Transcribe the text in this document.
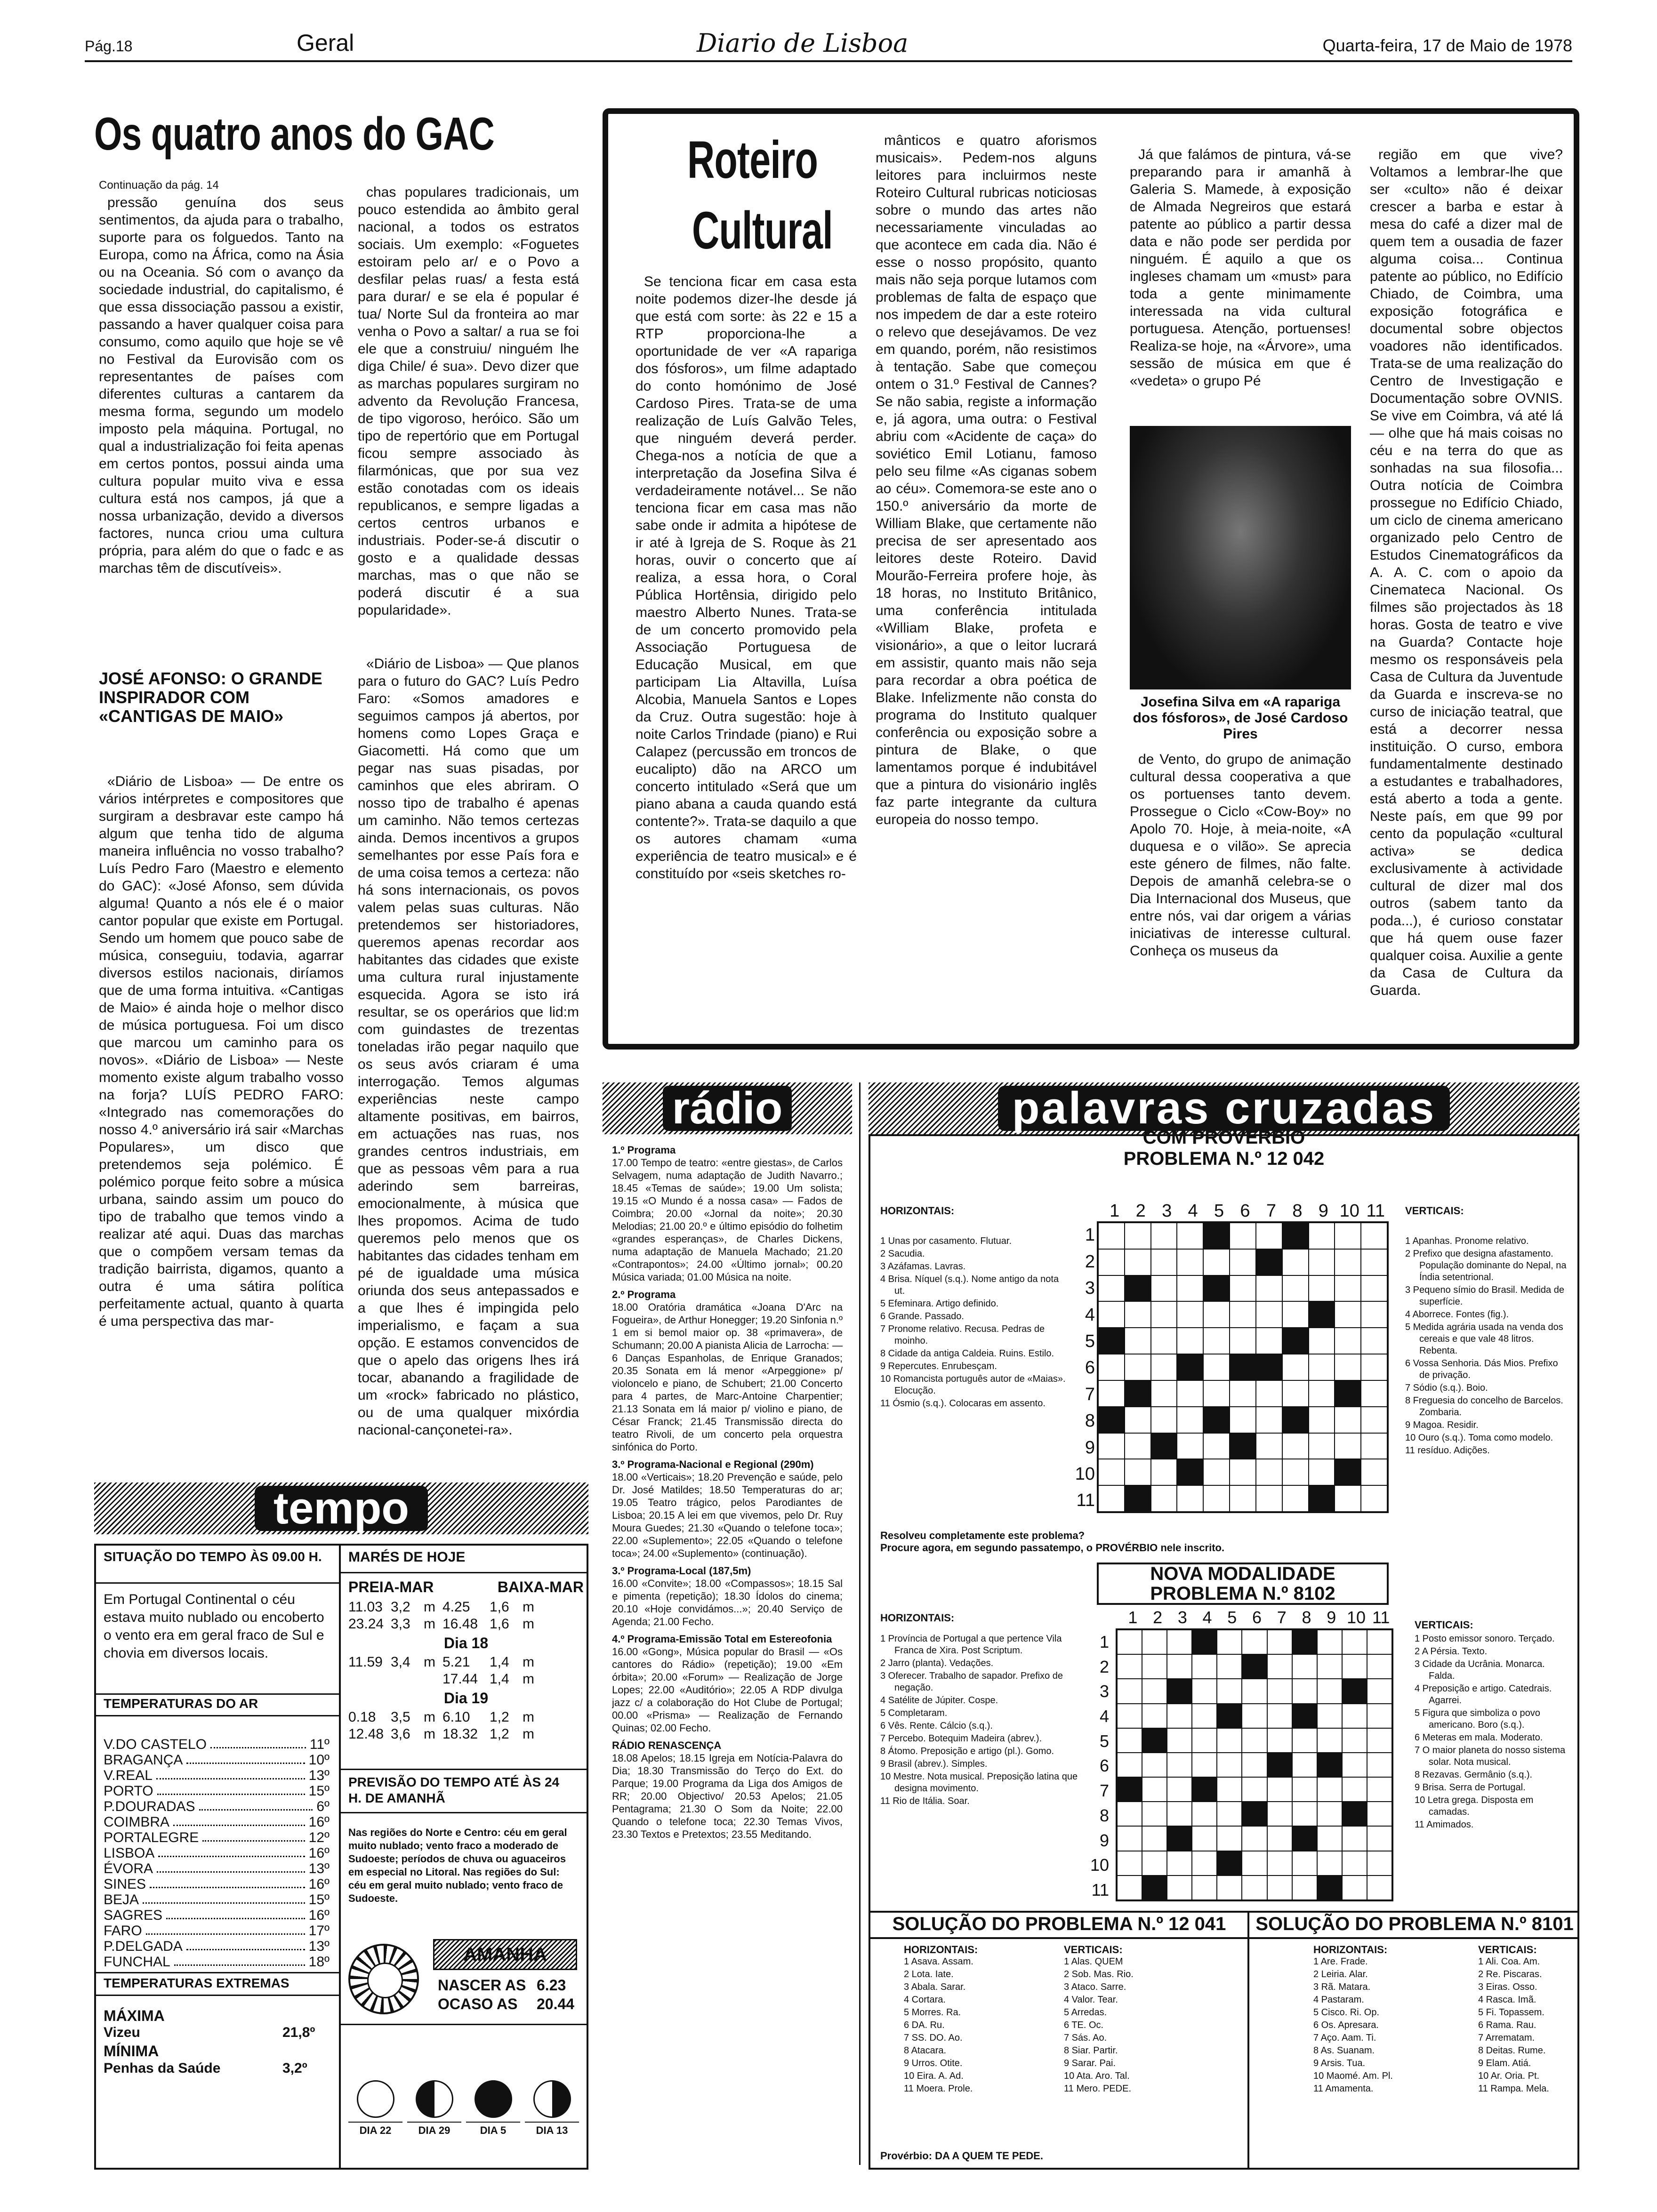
Pág.18	Geral	Diario de Lisboa	Quarta-feira, 17 de Maio de 1978
Os quatro anos do GAC
Continuação da pág. 14

pressão genuína dos seus sentimentos, da ajuda para o trabalho, suporte para os folguedos. Tanto na Europa, como na África, como na Ásia ou na Oceania. Só com o avanço da sociedade industrial, do capitalismo, é que essa dissociação passou a existir, passando a haver qualquer coisa para consumo, como aquilo que hoje se vê no Festival da Eurovisão com os representantes de países com diferentes culturas a cantarem da mesma forma, segundo um modelo imposto pela máquina. Portugal, no qual a industrialização foi feita apenas em certos pontos, possui ainda uma cultura popular muito viva e essa cultura está nos campos, já que a nossa urbanização, devido a diversos factores, nunca criou uma cultura própria, para além do que o fadc e as marchas têm de discutíveis».

JOSÉ AFONSO: O GRANDE INSPIRADOR COM «CANTIGAS DE MAIO»

«Diário de Lisboa» — De entre os vários intérpretes e compositores que surgiram a desbravar este campo há algum que tenha tido de alguma maneira influência no vosso trabalho? Luís Pedro Faro (Maestro e elemento do GAC): «José Afonso, sem dúvida alguma! Quanto a nós ele é o maior cantor popular que existe em Portugal. Sendo um homem que pouco sabe de música, conseguiu, todavia, agarrar diversos estilos nacionais, diríamos que de uma forma intuitiva. «Cantigas de Maio» é ainda hoje o melhor disco de música portuguesa. Foi um disco que marcou um caminho para os novos». «Diário de Lisboa» — Neste momento existe algum trabalho vosso na forja? LUÍS PEDRO FARO: «Integrado nas comemorações do nosso 4.º aniversário irá sair «Marchas Populares», um disco que pretendemos seja polémico. É polémico porque feito sobre a música urbana, saindo assim um pouco do tipo de trabalho que temos vindo a realizar até aqui. Duas das marchas que o compõem versam temas da tradição bairrista, digamos, quanto a outra é uma sátira política perfeitamente actual, quanto à quarta é uma perspectiva das mar-

chas populares tradicionais, um pouco estendida ao âmbito geral nacional, a todos os estratos sociais. Um exemplo: «Foguetes estoiram pelo ar/ e o Povo a desfilar pelas ruas/ a festa está para durar/ e se ela é popular é tua/ Norte Sul da fronteira ao mar venha o Povo a saltar/ a rua se foi ele que a construiu/ ninguém lhe diga Chile/ é sua». Devo dizer que as marchas populares surgiram no advento da Revolução Francesa, de tipo vigoroso, heróico. São um tipo de repertório que em Portugal ficou sempre associado às filarmónicas, que por sua vez estão conotadas com os ideais republicanos, e sempre ligadas a certos centros urbanos e industriais. Poder-se-á discutir o gosto e a qualidade dessas marchas, mas o que não se poderá discutir é a sua popularidade».

«Diário de Lisboa» — Que planos para o futuro do GAC? Luís Pedro Faro: «Somos amadores e seguimos campos já abertos, por homens como Lopes Graça e Giacometti. Há como que um pegar nas suas pisadas, por caminhos que eles abriram. O nosso tipo de trabalho é apenas um caminho. Não temos certezas ainda. Demos incentivos a grupos semelhantes por esse País fora e de uma coisa temos a certeza: não há sons internacionais, os povos valem pelas suas culturas. Não pretendemos ser historiadores, queremos apenas recordar aos habitantes das cidades que existe uma cultura rural injustamente esquecida. Agora se isto irá resultar, se os operários que lid:m com guindastes de trezentas toneladas irão pegar naquilo que os seus avós criaram é uma interrogação. Temos algumas experiências neste campo altamente positivas, em bairros, em actuações nas ruas, nos grandes centros industriais, em que as pessoas vêm para a rua aderindo sem barreiras, emocionalmente, à música que lhes propomos. Acima de tudo queremos pelo menos que os habitantes das cidades tenham em pé de igualdade uma música oriunda dos seus antepassados e a que lhes é impingida pelo imperialismo, e façam a sua opção. E estamos convencidos de que o apelo das origens lhes irá tocar, abanando a fragilidade de um «rock» fabricado no plástico, ou de uma qualquer mixórdia nacional-cançonetei-ra».

Roteiro
Cultural

Se tenciona ficar em casa esta noite podemos dizer-lhe desde já que está com sorte: às 22 e 15 a RTP proporciona-lhe a oportunidade de ver «A rapariga dos fósforos», um filme adaptado do conto homónimo de José Cardoso Pires. Trata-se de uma realização de Luís Galvão Teles, que ninguém deverá perder. Chega-nos a notícia de que a interpretação da Josefina Silva é verdadeiramente notável... Se não tenciona ficar em casa mas não sabe onde ir admita a hipótese de ir até à Igreja de S. Roque às 21 horas, ouvir o concerto que aí realiza, a essa hora, o Coral Pública Hortênsia, dirigido pelo maestro Alberto Nunes. Trata-se de um concerto promovido pela Associação Portuguesa de Educação Musical, em que participam Lia Altavilla, Luísa Alcobia, Manuela Santos e Lopes da Cruz. Outra sugestão: hoje à noite Carlos Trindade (piano) e Rui Calapez (percussão em troncos de eucalipto) dão na ARCO um concerto intitulado «Será que um piano abana a cauda quando está contente?». Trata-se daquilo a que os autores chamam «uma experiência de teatro musical» e é constituído por «seis sketches ro-

mânticos e quatro aforismos musicais». Pedem-nos alguns leitores para incluirmos neste Roteiro Cultural rubricas noticiosas sobre o mundo das artes não necessariamente vinculadas ao que acontece em cada dia. Não é esse o nosso propósito, quanto mais não seja porque lutamos com problemas de falta de espaço que nos impedem de dar a este roteiro o relevo que desejávamos. De vez em quando, porém, não resistimos à tentação. Sabe que começou ontem o 31.º Festival de Cannes? Se não sabia, registe a informação e, já agora, uma outra: o Festival abriu com «Acidente de caça» do soviético Emil Lotianu, famoso pelo seu filme «As ciganas sobem ao céu». Comemora-se este ano o 150.º aniversário da morte de William Blake, que certamente não precisa de ser apresentado aos leitores deste Roteiro. David Mourão-Ferreira profere hoje, às 18 horas, no Instituto Britânico, uma conferência intitulada «William Blake, profeta e visionário», a que o leitor lucrará em assistir, quanto mais não seja para recordar a obra poética de Blake. Infelizmente não consta do programa do Instituto qualquer conferência ou exposição sobre a pintura de Blake, o que lamentamos porque é indubitável que a pintura do visionário inglês faz parte integrante da cultura europeia do nosso tempo.

Já que falámos de pintura, vá-se preparando para ir amanhã à Galeria S. Mamede, à exposição de Almada Negreiros que estará patente ao público a partir dessa data e não pode ser perdida por ninguém. É aquilo a que os ingleses chamam um «must» para toda a gente minimamente interessada na vida cultural portuguesa. Atenção, portuenses! Realiza-se hoje, na «Árvore», uma sessão de música em que é «vedeta» o grupo Pé

Josefina Silva em «A rapariga dos fósforos», de José Cardoso Pires

de Vento, do grupo de animação cultural dessa cooperativa a que os portuenses tanto devem. Prossegue o Ciclo «Cow-Boy» no Apolo 70. Hoje, à meia-noite, «A duquesa e o vilão». Se aprecia este género de filmes, não falte. Depois de amanhã celebra-se o Dia Internacional dos Museus, que entre nós, vai dar origem a várias iniciativas de interesse cultural. Conheça os museus da

região em que vive? Voltamos a lembrar-lhe que ser «culto» não é deixar crescer a barba e estar à mesa do café a dizer mal de quem tem a ousadia de fazer alguma coisa... Continua patente ao público, no Edifício Chiado, de Coimbra, uma exposição fotográfica e documental sobre objectos voadores não identificados. Trata-se de uma realização do Centro de Investigação e Documentação sobre OVNIS. Se vive em Coimbra, vá até lá — olhe que há mais coisas no céu e na terra do que as sonhadas na sua filosofia... Outra notícia de Coimbra prossegue no Edifício Chiado, um ciclo de cinema americano organizado pelo Centro de Estudos Cinematográficos da A. A. C. com o apoio da Cinemateca Nacional. Os filmes são projectados às 18 horas. Gosta de teatro e vive na Guarda? Contacte hoje mesmo os responsáveis pela Casa de Cultura da Juventude da Guarda e inscreva-se no curso de iniciação teatral, que está a decorrer nessa instituição. O curso, embora fundamentalmente destinado a estudantes e trabalhadores, está aberto a toda a gente. Neste país, em que 99 por cento da população «cultural activa» se dedica exclusivamente à actividade cultural de dizer mal dos outros (sabem tanto da poda...), é curioso constatar que há quem ouse fazer qualquer coisa. Auxilie a gente da Casa de Cultura da Guarda.

rádio
1.º Programa
17.00 Tempo de teatro: «entre giestas», de Carlos Selvagem, numa adaptação de Judith Navarro.; 18.45 «Temas de saúde»; 19.00 Um solista; 19.15 «O Mundo é a nossa casa» — Fados de Coimbra; 20.00 «Jornal da noite»; 20.30 Melodias; 21.00 20.º e último episódio do folhetim «grandes esperanças», de Charles Dickens, numa adaptação de Manuela Machado; 21.20 «Contrapontos»; 24.00 «Último jornal»; 00.20 Música variada; 01.00 Música na noite.
2.º Programa
18.00 Oratória dramática «Joana D'Arc na Fogueira», de Arthur Honegger; 19.20 Sinfonia n.º 1 em si bemol maior op. 38 «primavera», de Schumann; 20.00 A pianista Alicia de Larrocha: — 6 Danças Espanholas, de Enrique Granados; 20.35 Sonata em lá menor «Arpeggione» p/ violoncelo e piano, de Schubert; 21.00 Concerto para 4 partes, de Marc-Antoine Charpentier; 21.13 Sonata em lá maior p/ violino e piano, de César Franck; 21.45 Transmissão directa do teatro Rivoli, de um concerto pela orquestra sinfónica do Porto.
3.º Programa-Nacional e Regional (290m)
18.00 «Verticais»; 18.20 Prevenção e saúde, pelo Dr. José Matildes; 18.50 Temperaturas do ar; 19.05 Teatro trágico, pelos Parodiantes de Lisboa; 20.15 A lei em que vivemos, pelo Dr. Ruy Moura Guedes; 21.30 «Quando o telefone toca»; 22.00 «Suplemento»; 22.05 «Quando o telefone toca»; 24.00 «Suplemento» (continuação).
3.º Programa-Local (187,5m)
16.00 «Convite»; 18.00 «Compassos»; 18.15 Sal e pimenta (repetição); 18.30 Ídolos do cinema; 20.10 «Hoje convidámos...»; 20.40 Serviço de Agenda; 21.00 Fecho.
4.º Programa-Emissão Total em Estereofonia
16.00 «Gong», Música popular do Brasil — «Os cantores do Rádio» (repetição); 19.00 «Em órbita»; 20.00 «Forum» — Realização de Jorge Lopes; 22.00 «Auditório»; 22.05 A RDP divulga jazz c/ a colaboração do Hot Clube de Portugal; 00.00 «Prisma» — Realização de Fernando Quinas; 02.00 Fecho.
RÁDIO RENASCENÇA
18.08 Apelos; 18.15 Igreja em Notícia-Palavra do Dia; 18.30 Transmissão do Terço do Ext. do Parque; 19.00 Programa da Liga dos Amigos de RR; 20.00 Objectivo/ 20.53 Apelos; 21.05 Pentagrama; 21.30 O Som da Noite; 22.00 Quando o telefone toca; 22.30 Temas Vivos, 23.30 Textos e Pretextos; 23.55 Meditando.
tempo
SITUAÇÃO DO TEMPO ÀS 09.00 H.
Em Portugal Continental o céu estava muito nublado ou encoberto o vento era em geral fraco de Sul e chovia em diversos locais.
TEMPERATURAS DO AR
V.DO CASTELO	11º
BRAGANÇA	10º
V.REAL	13º
PORTO	15º
P.DOURADAS	6º
COIMBRA	16º
PORTALEGRE	12º
LISBOA	16º
ÉVORA	13º
SINES	16º
BEJA	15º
SAGRES	16º
FARO	17º
P.DELGADA	13º
FUNCHAL	18º
TEMPERATURAS EXTREMAS
MÁXIMA
Vizeu	21,8º
MÍNIMA
Penhas da Saúde	3,2º
MARÉS DE HOJE
PREIA-MAR	BAIXA-MAR
11.03 3,2 m 4.25	1,6 m
23.24 3,3 m 16.48 1,6 m
Dia 18
11.59 3,4 m 5.21	1,4 m
17.44 1,4 m
Dia 19
0.18	3,5 m 6.10	1,2 m
12.48 3,6 m 18.32 1,2 m
PREVISÃO DO TEMPO ATÉ ÀS 24 H. DE AMANHÃ
Nas regiões do Norte e Centro: céu em geral muito nublado; vento fraco a moderado de Sudoeste; períodos de chuva ou aguaceiros em especial no Litoral. Nas regiões do Sul: céu em geral muito nublado; vento fraco de Sudoeste.
AMANHA
NASCER AS 6.23
OCASO AS 20.44
DIA 22	DIA 29	DIA 5	DIA 13
palavras cruzadas
COM PROVÉRBIO
PROBLEMA N.º 12 042
HORIZONTAIS:	VERTICAIS:
1 2 3 4 5 6 7 8 9 10 11
1
2
3
4
5
6
7
8
9
10
11
1 Unas por casamento. Flutuar.
2 Sacudia.
3 Azáfamas. Lavras.
4 Brisa. Níquel (s.q.). Nome antigo da nota ut.
5 Efeminara. Artigo definido.
6 Grande. Passado.
7 Pronome relativo. Recusa. Pedras de moinho.
8 Cidade da antiga Caldeia. Ruins. Estilo.
9 Repercutes. Enrubesçam.
10 Romancista português autor de «Maias». Elocução.
11 Ósmio (s.q.). Colocaras em assento.
1 Apanhas. Pronome relativo.
2 Prefixo que designa afastamento. População dominante do Nepal, na Índia setentrional.
3 Pequeno símio do Brasil. Medida de superfície.
4 Aborrece. Fontes (fig.).
5 Medida agrária usada na venda dos cereais e que vale 48 litros. Rebenta.
6 Vossa Senhoria. Dás Mios. Prefixo de privação.
7 Sódio (s.q.). Boio.
8 Freguesia do concelho de Barcelos. Zombaria.
9 Magoa. Residir.
10 Ouro (s.q.). Toma como modelo.
11 resíduo. Adições.
Resolveu completamente este problema?
Procure agora, em segundo passatempo, o PROVÉRBIO nele inscrito.
NOVA MODALIDADE
PROBLEMA N.º 8102
HORIZONTAIS:
VERTICAIS:
1 2 3 4 5 6 7 8 9 10 11
1
2
3
4
5
6
7
8
9
10
11
1 Província de Portugal a que pertence Vila Franca de Xira. Post Scriptum.
2 Jarro (planta). Vedações.
3 Oferecer. Trabalho de sapador. Prefixo de negação.
4 Satélite de Júpiter. Cospe.
5 Completaram.
6 Vês. Rente. Cálcio (s.q.).
7 Percebo. Botequim Madeira (abrev.).
8 Átomo. Preposição e artigo (pl.). Gomo.
9 Brasil (abrev.). Simples.
10 Mestre. Nota musical. Preposição latina que designa movimento.
11 Rio de Itália. Soar.
1 Posto emissor sonoro. Terçado.
2 A Pérsia. Texto.
3 Cidade da Ucrânia. Monarca. Falda.
4 Preposição e artigo. Catedrais. Agarrei.
5 Figura que simboliza o povo americano. Boro (s.q.).
6 Meteras em mala. Moderato.
7 O maior planeta do nosso sistema solar. Nota musical.
8 Rezavas. Germânio (s.q.).
9 Brisa. Serra de Portugal.
10 Letra grega. Disposta em camadas.
11 Amimados.
SOLUÇÃO DO PROBLEMA N.º 12 041	SOLUÇÃO DO PROBLEMA N.º 8101
HORIZONTAIS:	VERTICAIS:
1 Asava. Assam.
2 Lota. Iate.
3 Abala. Sarar.
4 Cortara.
5 Morres. Ra.
6 DA. Ru.
7 SS. DO. Ao.
8 Atacara.
9 Urros. Otite.
10 Eira. A. Ad.
11 Moera. Prole.
1 Alas. QUEM
2 Sob. Mas. Rio.
3 Ataco. Sarre.
4 Valor. Tear.
5 Arredas.
6 TE. Oc.
7 Sás. Ao.
8 Siar. Partir.
9 Sarar. Pai.
10 Ata. Aro. Tal.
11 Mero. PEDE.
Provérbio: DA A QUEM TE PEDE.
HORIZONTAIS:	VERTICAIS:
1 Are. Frade.
2 Leiria. Alar.
3 Rã. Matara.
4 Pastaram.
5 Cisco. Ri. Op.
6 Os. Apresara.
7 Aço. Aam. Ti.
8 As. Suanam.
9 Arsis. Tua.
10 Maomé. Am. Pl.
11 Amamenta.
1 Ali. Coa. Am.
2 Re. Piscaras.
3 Eiras. Osso.
4 Rasca. Imã.
5 Fi. Topassem.
6 Rama. Rau.
7 Arrematam.
8 Deitas. Rume.
9 Elam. Atiá.
10 Ar. Oria. Pt.
11 Rampa. Mela.
